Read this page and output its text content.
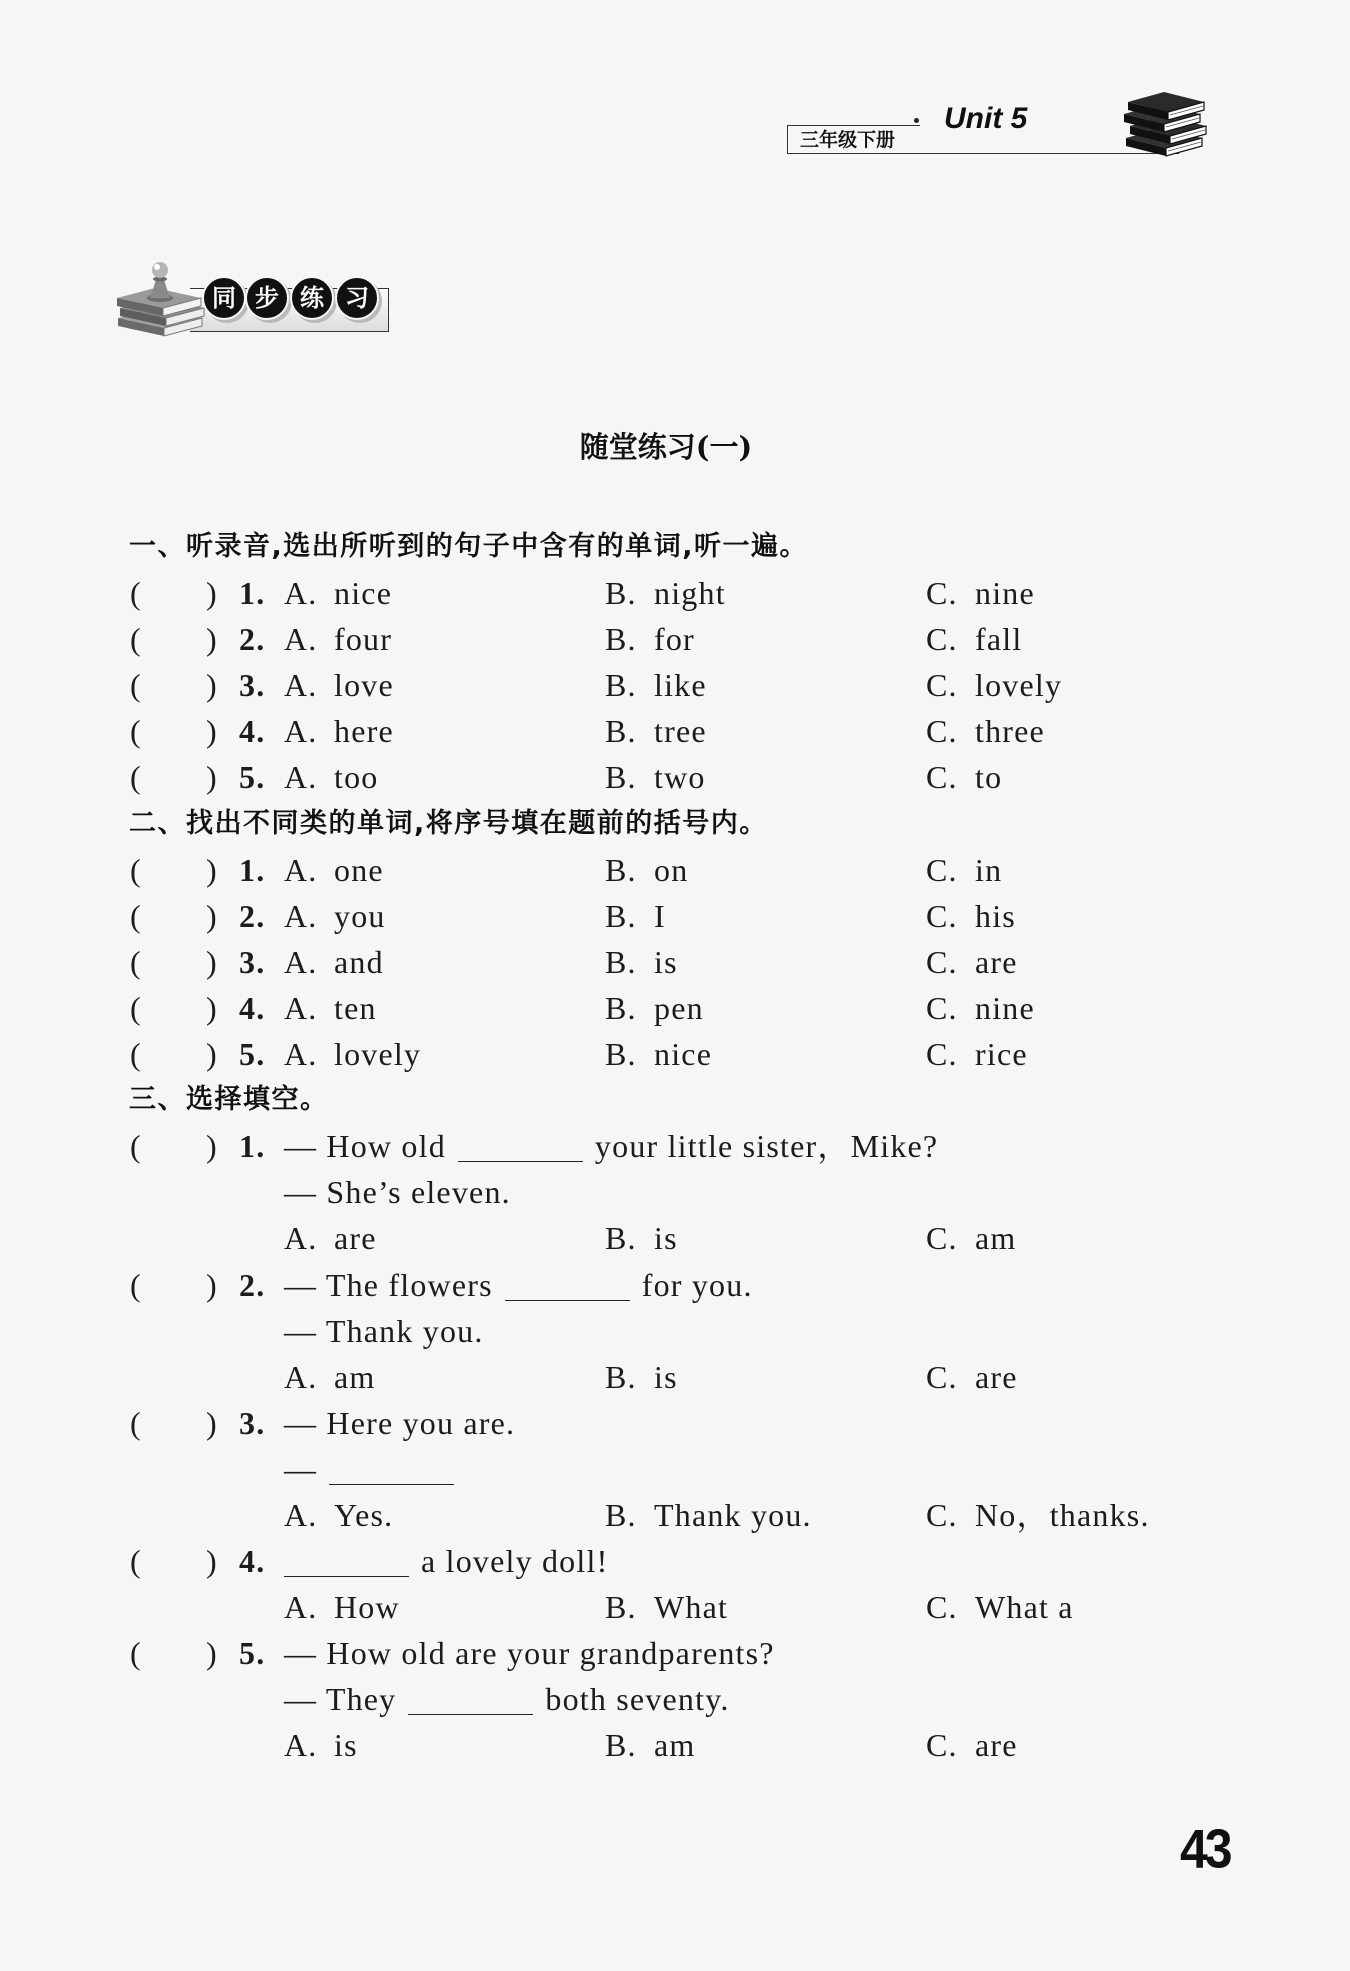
三年级下册
Unit 5
同 步 练 习
随堂练习(一)
一、听录音,选出所听到的句子中含有的单词,听一遍。
( ) 1. A. nice	B. night	C. nine
( ) 2. A. four	B. for	C. fall
( ) 3. A. love	B. like	C. lovely
( ) 4. A. here	B. tree	C. three
( ) 5. A. too	B. two	C. to
二、找出不同类的单词,将序号填在题前的括号内。
( ) 1. A. one	B. on	C. in
( ) 2. A. you	B. I	C. his
( ) 3. A. and	B. is	C. are
( ) 4. A. ten	B. pen	C. nine
( ) 5. A. lovely	B. nice	C. rice
三、选择填空。
( ) 1. — How old	your little sister，Mike?
— She’s eleven.
A. are	B. is	C. am
( ) 2. — The flowers	for you.
— Thank you.
A. am	B. is	C. are
( ) 3. — Here you are.
—
A. Yes.	B. Thank you.	C. No，thanks.
( ) 4.	a lovely doll!
A. How	B. What	C. What a
( ) 5. — How old are your grandparents?
— They	both seventy.
A. is	B. am	C. are
43
